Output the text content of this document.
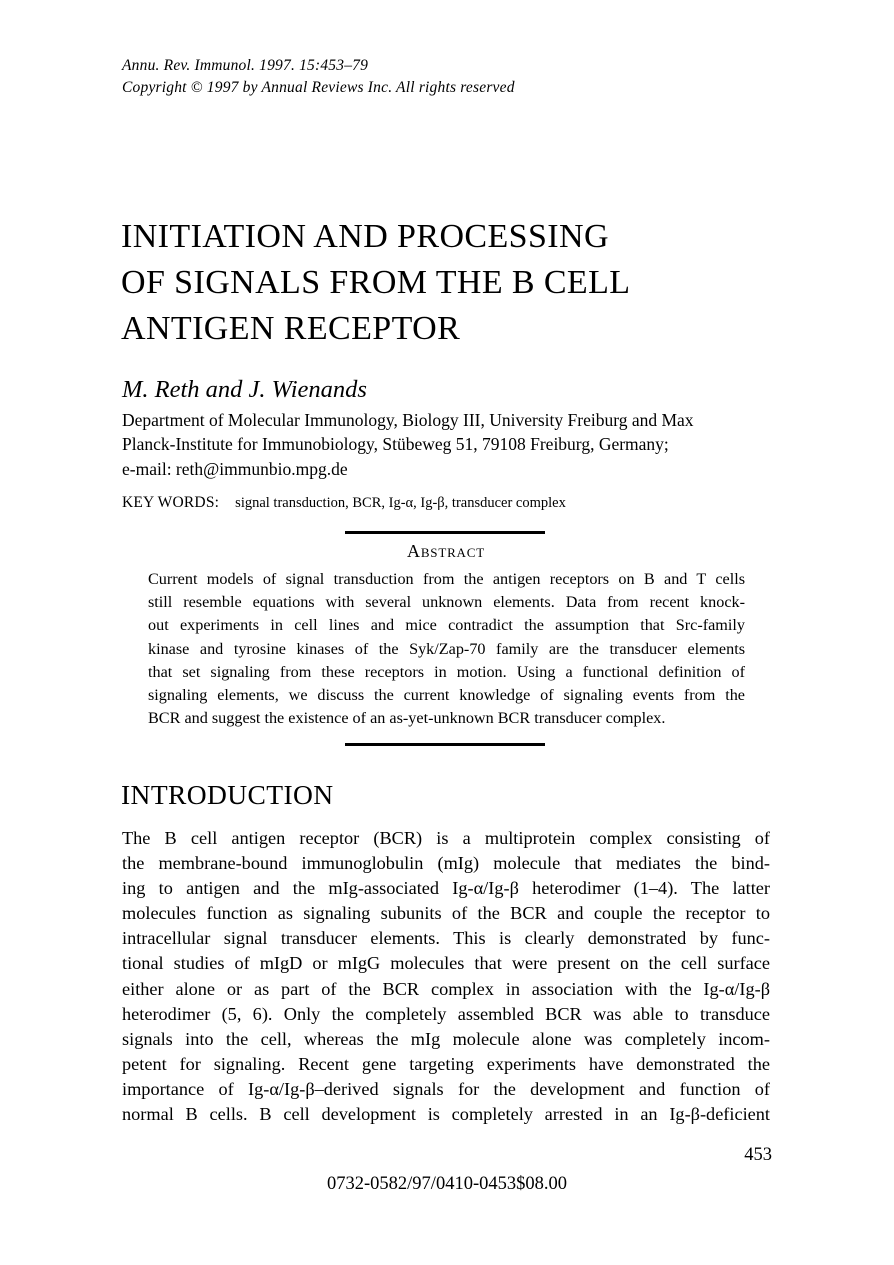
Annu. Rev. Immunol. 1997. 15:453–79
Copyright © 1997 by Annual Reviews Inc. All rights reserved
INITIATION AND PROCESSING
OF SIGNALS FROM THE B CELL
ANTIGEN RECEPTOR
M. Reth and J. Wienands
Department of Molecular Immunology, Biology III, University Freiburg and Max
Planck-Institute for Immunobiology, Stübeweg 51, 79108 Freiburg, Germany;
e-mail: reth@immunbio.mpg.de
KEY WORDS: signal transduction, BCR, Ig-α, Ig-β, transducer complex
Abstract
Current models of signal transduction from the antigen receptors on B and T cells
still resemble equations with several unknown elements. Data from recent knock-
out experiments in cell lines and mice contradict the assumption that Src-family
kinase and tyrosine kinases of the Syk/Zap-70 family are the transducer elements
that set signaling from these receptors in motion. Using a functional definition of
signaling elements, we discuss the current knowledge of signaling events from the
BCR and suggest the existence of an as-yet-unknown BCR transducer complex.
INTRODUCTION
The B cell antigen receptor (BCR) is a multiprotein complex consisting of
the membrane-bound immunoglobulin (mIg) molecule that mediates the bind-
ing to antigen and the mIg-associated Ig-α/Ig-β heterodimer (1–4). The latter
molecules function as signaling subunits of the BCR and couple the receptor to
intracellular signal transducer elements. This is clearly demonstrated by func-
tional studies of mIgD or mIgG molecules that were present on the cell surface
either alone or as part of the BCR complex in association with the Ig-α/Ig-β
heterodimer (5, 6). Only the completely assembled BCR was able to transduce
signals into the cell, whereas the mIg molecule alone was completely incom-
petent for signaling. Recent gene targeting experiments have demonstrated the
importance of Ig-α/Ig-β–derived signals for the development and function of
normal B cells. B cell development is completely arrested in an Ig-β-deficient
453
0732-0582/97/0410-0453$08.00
